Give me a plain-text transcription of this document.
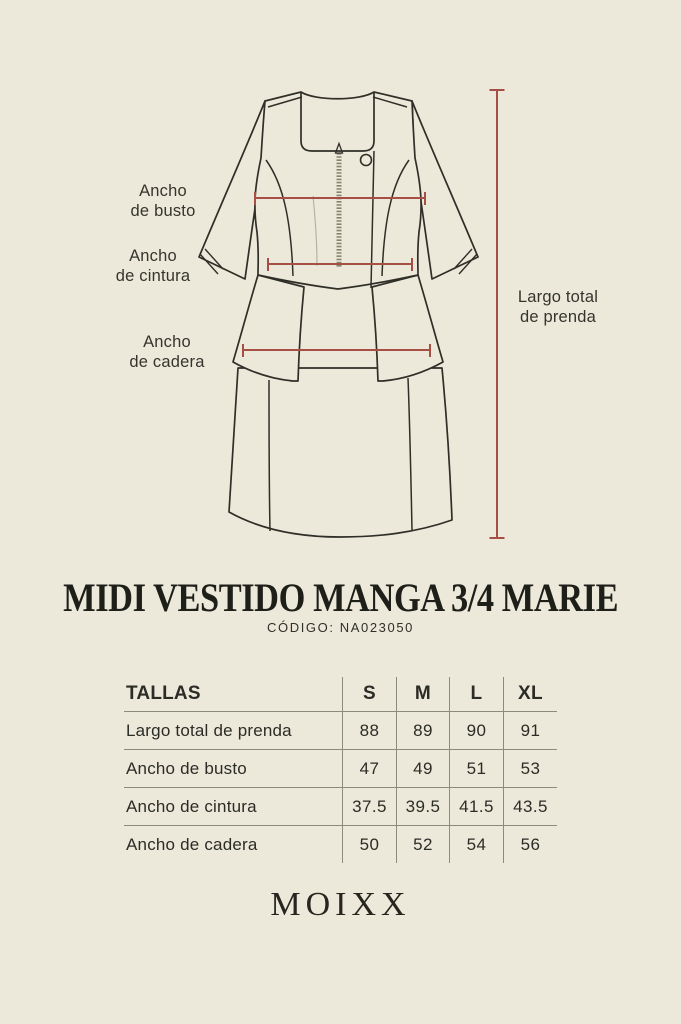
Ancho
de busto
Ancho
de cintura
Ancho
de cadera
Largo total
de prenda
MIDI VESTIDO MANGA 3/4 MARIE
CÓDIGO: NA023050
TALLAS	S	M	L	XL
Largo total de prenda	88	89	90	91
Ancho de busto	47	49	51	53
Ancho de cintura	37.5	39.5	41.5	43.5
Ancho de cadera	50	52	54	56
MOIXX
